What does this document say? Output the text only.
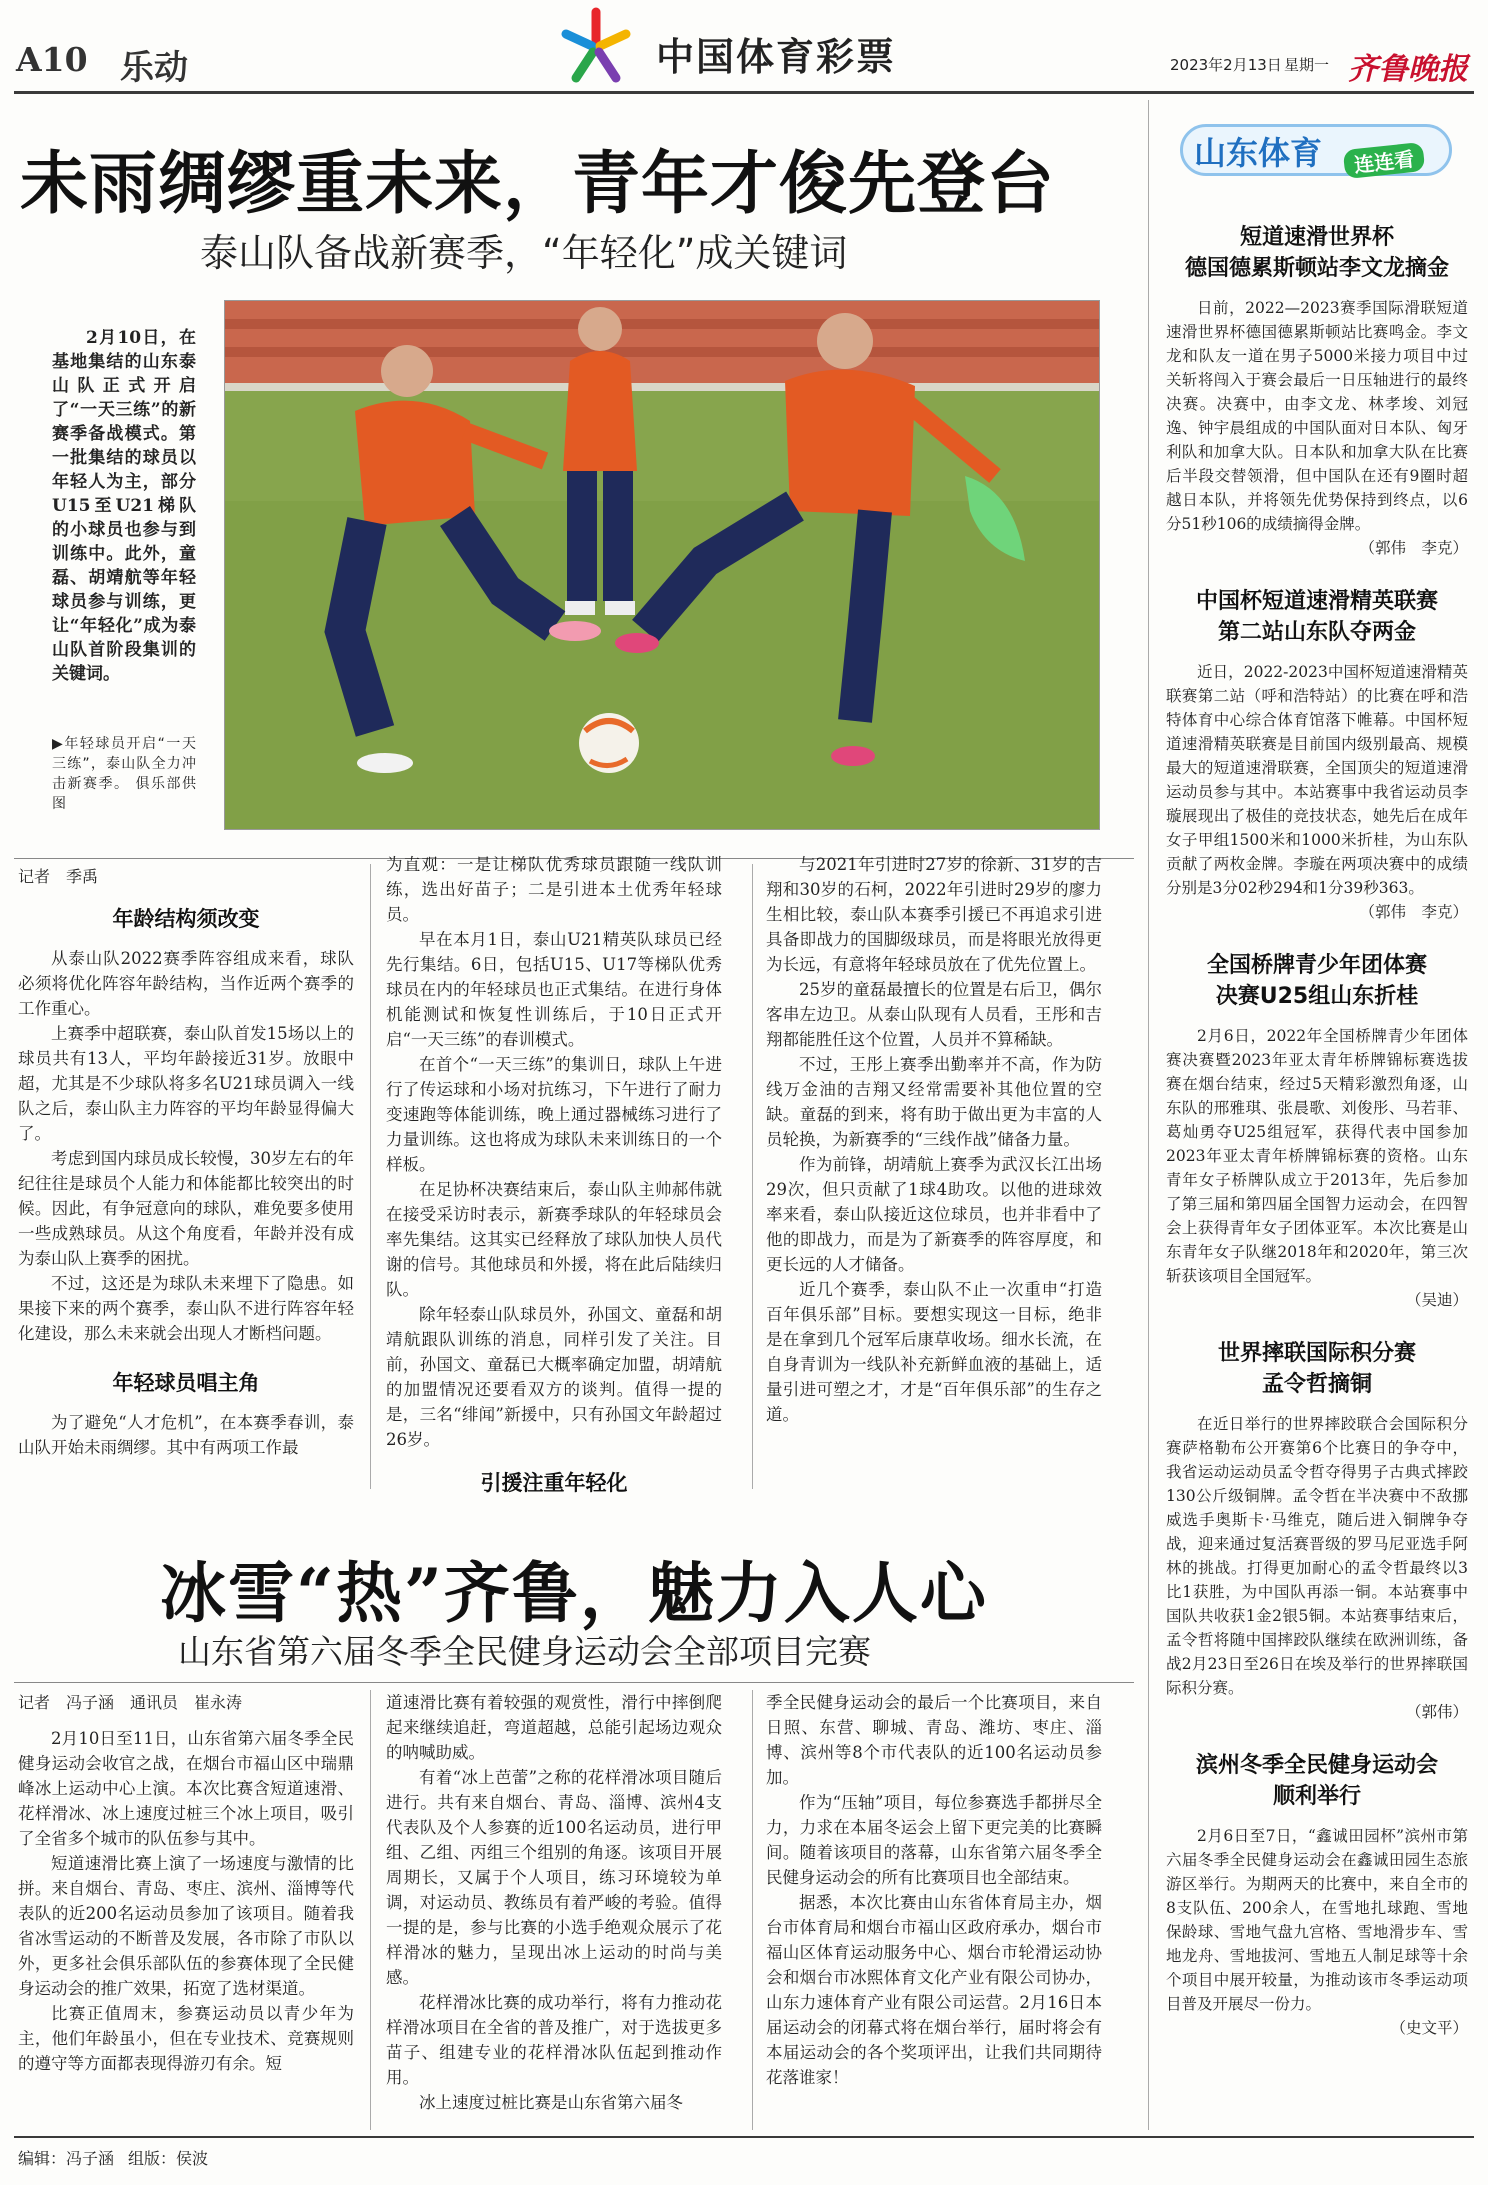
A10 乐动	中国体育彩票	2023年2月13日 星期一 齐鲁晚报
未雨绸缪重未来，青年才俊先登台
泰山队备战新赛季，“年轻化”成关键词
2月10日，在基地集结的山东泰山队正式开启了“一天三练”的新赛季备战模式。第一批集结的球员以年轻人为主，部分U15至U21梯队的小球员也参与到训练中。此外，童磊、胡靖航等年轻球员参与训练，更让“年轻化”成为泰山队首阶段集训的关键词。
▶年轻球员开启“一天三练”，泰山队全力冲击新赛季。 俱乐部供图
记者　季禹
年龄结构须改变

从泰山队2022赛季阵容组成来看，球队必须将优化阵容年龄结构，当作近两个赛季的工作重心。

上赛季中超联赛，泰山队首发15场以上的球员共有13人，平均年龄接近31岁。放眼中超，尤其是不少球队将多名U21球员调入一线队之后，泰山队主力阵容的平均年龄显得偏大了。

考虑到国内球员成长较慢，30岁左右的年纪往往是球员个人能力和体能都比较突出的时候。因此，有争冠意向的球队，难免要多使用一些成熟球员。从这个角度看，年龄并没有成为泰山队上赛季的困扰。

不过，这还是为球队未来埋下了隐患。如果接下来的两个赛季，泰山队不进行阵容年轻化建设，那么未来就会出现人才断档问题。

年轻球员唱主角

为了避免“人才危机”，在本赛季春训，泰山队开始未雨绸缪。其中有两项工作最

为直观：一是让梯队优秀球员跟随一线队训练，选出好苗子；二是引进本土优秀年轻球员。

早在本月1日，泰山U21精英队球员已经先行集结。6日，包括U15、U17等梯队优秀球员在内的年轻球员也正式集结。在进行身体机能测试和恢复性训练后，于10日正式开启“一天三练”的春训模式。

在首个“一天三练”的集训日，球队上午进行了传运球和小场对抗练习，下午进行了耐力变速跑等体能训练，晚上通过器械练习进行了力量训练。这也将成为球队未来训练日的一个样板。

在足协杯决赛结束后，泰山队主帅郝伟就在接受采访时表示，新赛季球队的年轻球员会率先集结。这其实已经释放了球队加快人员代谢的信号。其他球员和外援，将在此后陆续归队。

除年轻泰山队球员外，孙国文、童磊和胡靖航跟队训练的消息，同样引发了关注。目前，孙国文、童磊已大概率确定加盟，胡靖航的加盟情况还要看双方的谈判。值得一提的是，三名“绯闻”新援中，只有孙国文年龄超过26岁。

引援注重年轻化

与2021年引进时27岁的徐新、31岁的吉翔和30岁的石柯，2022年引进时29岁的廖力生相比较，泰山队本赛季引援已不再追求引进具备即战力的国脚级球员，而是将眼光放得更为长远，有意将年轻球员放在了优先位置上。

25岁的童磊最擅长的位置是右后卫，偶尔客串左边卫。从泰山队现有人员看，王彤和吉翔都能胜任这个位置，人员并不算稀缺。

不过，王彤上赛季出勤率并不高，作为防线万金油的吉翔又经常需要补其他位置的空缺。童磊的到来，将有助于做出更为丰富的人员轮换，为新赛季的“三线作战”储备力量。

作为前锋，胡靖航上赛季为武汉长江出场29次，但只贡献了1球4助攻。以他的进球效率来看，泰山队接近这位球员，也并非看中了他的即战力，而是为了新赛季的阵容厚度，和更长远的人才储备。

近几个赛季，泰山队不止一次重申“打造百年俱乐部”目标。要想实现这一目标，绝非是在拿到几个冠军后康草收场。细水长流，在自身青训为一线队补充新鲜血液的基础上，适量引进可塑之才，才是“百年俱乐部”的生存之道。

冰雪“热”齐鲁，魅力入人心
山东省第六届冬季全民健身运动会全部项目完赛
记者　冯子涵　通讯员　崔永涛

2月10日至11日，山东省第六届冬季全民健身运动会收官之战，在烟台市福山区中瑞鼎峰冰上运动中心上演。本次比赛含短道速滑、花样滑冰、冰上速度过桩三个冰上项目，吸引了全省多个城市的队伍参与其中。

短道速滑比赛上演了一场速度与激情的比拼。来自烟台、青岛、枣庄、滨州、淄博等代表队的近200名运动员参加了该项目。随着我省冰雪运动的不断普及发展，各市除了市队以外，更多社会俱乐部队伍的参赛体现了全民健身运动会的推广效果，拓宽了选材渠道。

比赛正值周末，参赛运动员以青少年为主，他们年龄虽小，但在专业技术、竞赛规则的遵守等方面都表现得游刃有余。短

道速滑比赛有着较强的观赏性，滑行中摔倒爬起来继续追赶，弯道超越，总能引起场边观众的呐喊助威。

有着“冰上芭蕾”之称的花样滑冰项目随后进行。共有来自烟台、青岛、淄博、滨州4支代表队及个人参赛的近100名运动员，进行甲组、乙组、丙组三个组别的角逐。该项目开展周期长，又属于个人项目，练习环境较为单调，对运动员、教练员有着严峻的考验。值得一提的是，参与比赛的小选手绝观众展示了花样滑冰的魅力，呈现出冰上运动的时尚与美感。

花样滑冰比赛的成功举行，将有力推动花样滑冰项目在全省的普及推广，对于选拔更多苗子、组建专业的花样滑冰队伍起到推动作用。

冰上速度过桩比赛是山东省第六届冬

季全民健身运动会的最后一个比赛项目，来自日照、东营、聊城、青岛、潍坊、枣庄、淄博、滨州等8个市代表队的近100名运动员参加。

作为“压轴”项目，每位参赛选手都拼尽全力，力求在本届冬运会上留下更完美的比赛瞬间。随着该项目的落幕，山东省第六届冬季全民健身运动会的所有比赛项目也全部结束。

据悉，本次比赛由山东省体育局主办，烟台市体育局和烟台市福山区政府承办，烟台市福山区体育运动服务中心、烟台市轮滑运动协会和烟台市冰熙体育文化产业有限公司协办，山东力速体育产业有限公司运营。2月16日本届运动会的闭幕式将在烟台举行，届时将会有本届运动会的各个奖项评出，让我们共同期待花落谁家！

山东体育	连连看
短道速滑世界杯
德国德累斯顿站李文龙摘金

日前，2022—2023赛季国际滑联短道速滑世界杯德国德累斯顿站比赛鸣金。李文龙和队友一道在男子5000米接力项目中过关斩将闯入于赛会最后一日压轴进行的最终决赛。决赛中，由李文龙、林孝埈、刘冠逸、钟宇晨组成的中国队面对日本队、匈牙利队和加拿大队。日本队和加拿大队在比赛后半段交替领滑，但中国队在还有9圈时超越日本队，并将领先优势保持到终点，以6分51秒106的成绩摘得金牌。

（郭伟　李克）
中国杯短道速滑精英联赛
第二站山东队夺两金

近日，2022-2023中国杯短道速滑精英联赛第二站（呼和浩特站）的比赛在呼和浩特体育中心综合体育馆落下帷幕。中国杯短道速滑精英联赛是目前国内级别最高、规模最大的短道速滑联赛，全国顶尖的短道速滑运动员参与其中。本站赛事中我省运动员李璇展现出了极佳的竞技状态，她先后在成年女子甲组1500米和1000米折桂，为山东队贡献了两枚金牌。李璇在两项决赛中的成绩分别是3分02秒294和1分39秒363。

（郭伟　李克）
全国桥牌青少年团体赛
决赛U25组山东折桂

2月6日，2022年全国桥牌青少年团体赛决赛暨2023年亚太青年桥牌锦标赛选拔赛在烟台结束，经过5天精彩激烈角逐，山东队的邢雅琪、张晨歌、刘俊彤、马若菲、葛灿勇夺U25组冠军，获得代表中国参加2023年亚太青年桥牌锦标赛的资格。山东青年女子桥牌队成立于2013年，先后参加了第三届和第四届全国智力运动会，在四智会上获得青年女子团体亚军。本次比赛是山东青年女子队继2018年和2020年，第三次斩获该项目全国冠军。

（吴迪）
世界摔联国际积分赛
孟令哲摘铜

在近日举行的世界摔跤联合会国际积分赛萨格勒布公开赛第6个比赛日的争夺中，我省运动运动员孟令哲夺得男子古典式摔跤130公斤级铜牌。孟令哲在半决赛中不敌挪威选手奥斯卡·马维克，随后进入铜牌争夺战，迎来通过复活赛晋级的罗马尼亚选手阿林的挑战。打得更加耐心的孟令哲最终以3比1获胜，为中国队再添一铜。本站赛事中国队共收获1金2银5铜。本站赛事结束后，孟令哲将随中国摔跤队继续在欧洲训练，备战2月23日至26日在埃及举行的世界摔联国际积分赛。

（郭伟）
滨州冬季全民健身运动会
顺利举行

2月6日至7日，“鑫诚田园杯”滨州市第六届冬季全民健身运动会在鑫诚田园生态旅游区举行。为期两天的比赛中，来自全市的8支队伍、200余人，在雪地扎球跑、雪地保龄球、雪地气盘九宫格、雪地滑步车、雪地龙舟、雪地拔河、雪地五人制足球等十余个项目中展开较量，为推动该市冬季运动项目普及开展尽一份力。

（史文平）
编辑：冯子涵 组版：侯波
